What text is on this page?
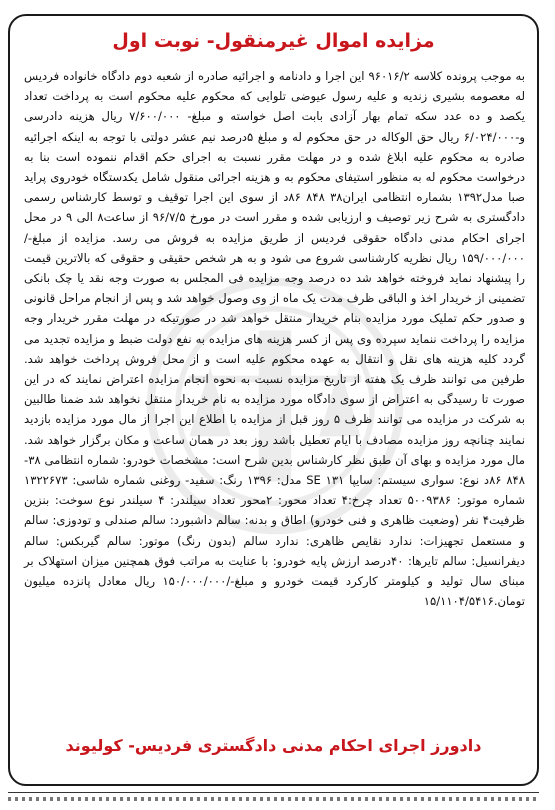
مزایده اموال غیرمنقول- نوبت اول
به موجب پرونده کلاسه ۹۶۰۱۶/۲ این اجرا و دادنامه و اجرائیه صادره از شعبه دوم دادگاه خانواده فردیس له معصومه بشیری زندیه و علیه رسول عیوضی تلوایی که محکوم علیه محکوم است به پرداخت تعداد یکصد و ده عدد سکه تمام بهار آزادی بابت اصل خواسته و مبلغ- ۷/۶۰۰/۰۰۰ ریال هزینه دادرسی و-۶/۰۲۴/۰۰۰ ریال حق الوکاله در حق محکوم له و مبلغ ۵درصد نیم عشر دولتی با توجه به اینکه اجرائیه صادره به محکوم علیه ابلاغ شده و در مهلت مقرر نسبت به اجرای حکم اقدام ننموده است بنا به درخواست محکوم له به منظور استیفای محکوم به و هزینه اجرائی منقول شامل یکدستگاه خودروی پراید صبا مدل۱۳۹۲ بشماره انتظامی ایران۳۸ ۸۴۸ ۸۶د از سوی این اجرا توقیف و توسط کارشناس رسمی دادگستری به شرح زیر توصیف و ارزیابی شده و مقرر است در مورخ ۹۶/۷/۵ از ساعت۸ الی ۹ در محل اجرای احکام مدنی دادگاه حقوقی فردیس از طریق مزایده به فروش می رسد. مزایده از مبلغ-/۱۵۹/۰۰۰/۰۰۰ ریال نظریه کارشناسی شروع می شود و به هر شخص حقیقی و حقوقی که بالاترین قیمت را پیشنهاد نماید فروخته خواهد شد ده درصد وجه مزایده فی المجلس به صورت وجه نقد یا چک بانکی تضمینی از خریدار اخذ و الباقی ظرف مدت یک ماه از وی وصول خواهد شد و پس از انجام مراحل قانونی و صدور حکم تملیک مورد مزایده بنام خریدار منتقل خواهد شد در صورتیکه در مهلت مقرر خریدار وجه مزایده را پرداخت ننماید سپرده وی پس از کسر هزینه های مزایده به نفع دولت ضبط و مزایده تجدید می گردد کلیه هزینه های نقل و انتقال به عهده محکوم علیه است و از محل فروش پرداخت خواهد شد. طرفین می توانند ظرف یک هفته از تاریخ مزایده نسبت به نحوه انجام مزایده اعتراض نمایند که در این صورت تا رسیدگی به اعتراض از سوی دادگاه مورد مزایده به نام خریدار منتقل نخواهد شد ضمنا طالبین به شرکت در مزایده می توانند ظرف ۵ روز قبل از مزایده با اطلاع این اجرا از مال مورد مزایده بازدید نمایند چنانچه روز مزایده مصادف با ایام تعطیل باشد روز بعد در همان ساعت و مکان برگزار خواهد شد. مال مورد مزایده و بهای آن طبق نظر کارشناس بدین شرح است: مشخصات خودرو: شماره انتظامی ۳۸- ۸۴۸ ۸۶د نوع: سواری سیستم: سایپا SE ۱۳۱ مدل: ۱۳۹۶ رنگ: سفید- روغنی شماره شاسی: ۱۳۲۲۶۷۳ شماره موتور: ۵۰۰۹۳۸۶ تعداد چرخ:۴ تعداد محور: ۲محور تعداد سیلندر: ۴ سیلندر نوع سوخت: بنزین ظرفیت۴ نفر (وضعیت ظاهری و فنی خودرو) اطاق و بدنه: سالم داشبورد: سالم صندلی و تودوزی: سالم و مستعمل تجهیزات: ندارد نقایص ظاهری: ندارد سالم (بدون رنگ) موتور: سالم گیربکس: سالم دیفرانسیل: سالم تایرها: ۴۰درصد ارزش پایه خودرو: با عنایت به مراتب فوق همچنین میزان استهلاک بر مبنای سال تولید و کیلومتر کارکرد قیمت خودرو و مبلغ-/۱۵۰/۰۰۰/۰۰۰ ریال معادل پانزده میلیون تومان.۱۵/۱۱۰۴/۵۴۱۶
دادورز اجرای احکام مدنی دادگستری فردیس- کولیوند
